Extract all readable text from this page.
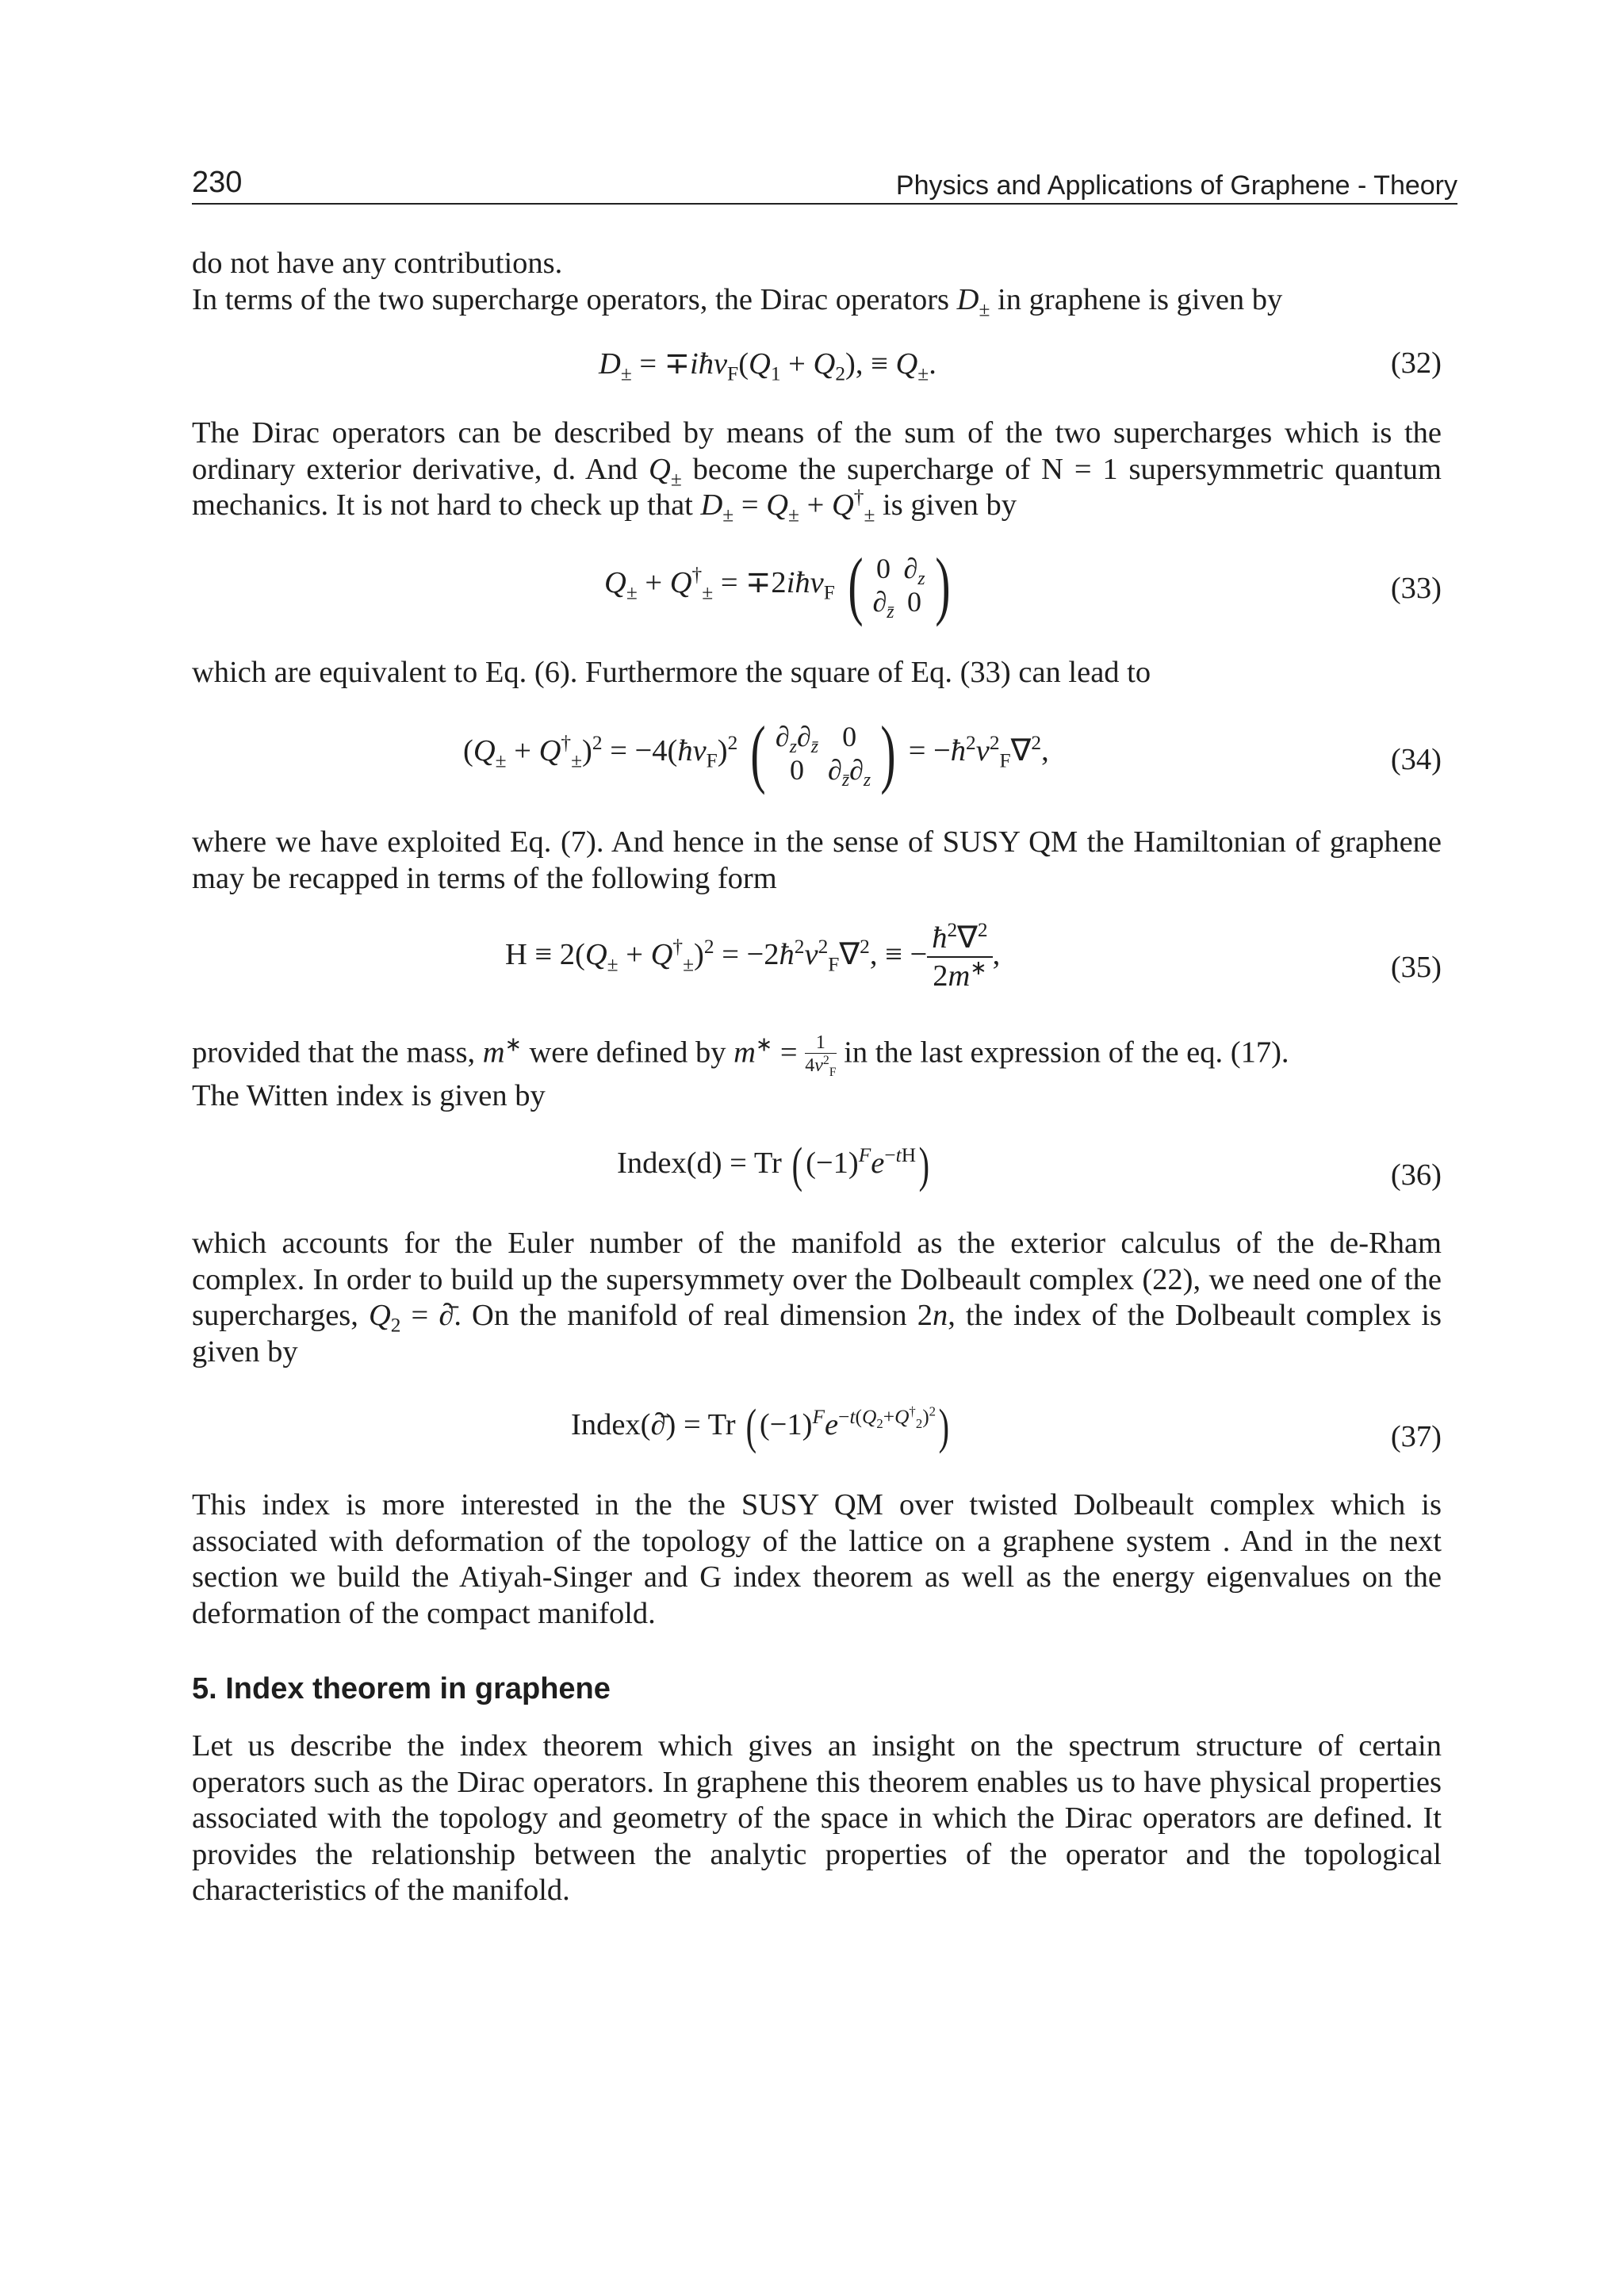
230	Physics and Applications of Graphene - Theory

do not have any contributions.

In terms of the two supercharge operators, the Dirac operators $D_\pm$ in graphene is given by

$D_\pm$ = $\mp iħv_F(Q_1 + Q_2)$, ≡ $Q_\pm$.	(32)

The Dirac operators can be described by means of the sum of the two supercharges which is the ordinary exterior derivative, d. And $Q_\pm$ become the supercharge of N = 1 supersymmetric quantum mechanics. It is not hard to check up that $D_\pm = Q_\pm + Q^\dagger_\pm$ is given by

$Q_\pm + Q^\dagger_\pm$ = ∓2iħv$_F$ ( 0	$\partial_z$
$\partial_{z̄}$	0 )	(33)

which are equivalent to Eq. (6). Furthermore the square of Eq. (33) can lead to

$(Q_\pm + Q^\dagger_\pm)^2$ = $-4(ħv_F)^2$ ( $\partial_z\partial_{z̄}$	0
0	$\partial_{z̄}\partial_z$ ) = $-ħ^2v^2_F\nabla^2$,	(34)

where we have exploited Eq. (7). And hence in the sense of SUSY QM the Hamiltonian of graphene may be recapped in terms of the following form

$H \equiv 2(Q_\pm + Q^\dagger_\pm)^2$ = $-2ħ^2v^2_F\nabla^2$, ≡ − $\frac{ħ^2\nabla^2}{2m^∗}$ ,	(35)

provided that the mass, m∗ were defined by $m^∗ = \frac{1}{4v^2_F}$ in the last expression of the eq. (17).

The Witten index is given by

Index(d) = Tr $((-1)^Fe^{-tH})$	(36)

which accounts for the Euler number of the manifold as the exterior calculus of the de-Rham complex. In order to build up the supersymmety over the Dolbeault complex (22), we need one of the supercharges, $Q_2$ = ∂̄. On the manifold of real dimension 2n, the index of the Dolbeault complex is given by

Index(∂̄) = Tr $((-1)^Fe^{-t(Q_2+Q^\dagger_2)^2})$	(37)

This index is more interested in the the SUSY QM over twisted Dolbeault complex which is associated with deformation of the topology of the lattice on a graphene system . And in the next section we build the Atiyah-Singer and G index theorem as well as the energy eigenvalues on the deformation of the compact manifold.

5. Index theorem in graphene

Let us describe the index theorem which gives an insight on the spectrum structure of certain operators such as the Dirac operators. In graphene this theorem enables us to have physical properties associated with the topology and geometry of the space in which the Dirac operators are defined. It provides the relationship between the analytic properties of the operator and the topological characteristics of the manifold.
